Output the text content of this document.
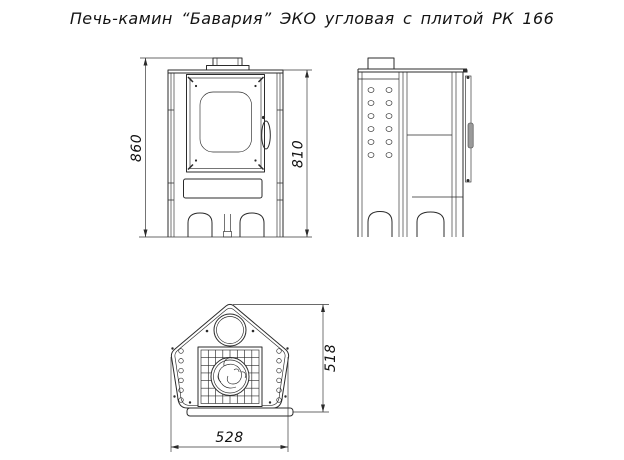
Печь-камин “Бавария” ЭКО угловая с плитой РК 166
860	810
518
528
